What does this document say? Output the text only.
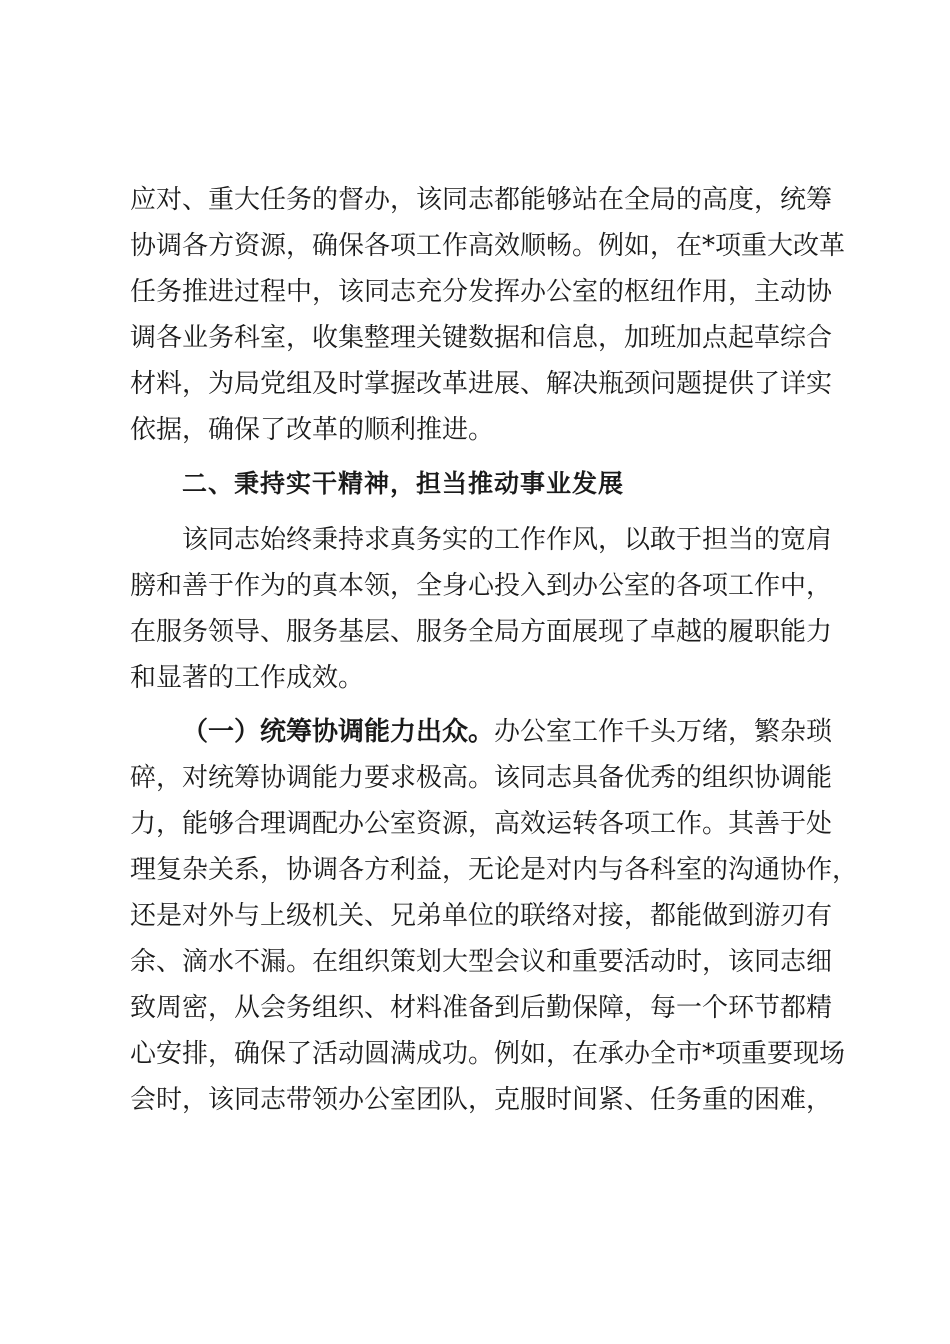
应对、重大任务的督办，该同志都能够站在全局的高度，统筹
协调各方资源，确保各项工作高效顺畅。例如，在*项重大改革
任务推进过程中，该同志充分发挥办公室的枢纽作用，主动协
调各业务科室，收集整理关键数据和信息，加班加点起草综合
材料，为局党组及时掌握改革进展、解决瓶颈问题提供了详实
依据，确保了改革的顺利推进。
二、秉持实干精神，担当推动事业发展
该同志始终秉持求真务实的工作作风，以敢于担当的宽肩
膀和善于作为的真本领，全身心投入到办公室的各项工作中，
在服务领导、服务基层、服务全局方面展现了卓越的履职能力
和显著的工作成效。
（一）统筹协调能力出众。办公室工作千头万绪，繁杂琐
碎，对统筹协调能力要求极高。该同志具备优秀的组织协调能
力，能够合理调配办公室资源，高效运转各项工作。其善于处
理复杂关系，协调各方利益，无论是对内与各科室的沟通协作，
还是对外与上级机关、兄弟单位的联络对接，都能做到游刃有
余、滴水不漏。在组织策划大型会议和重要活动时，该同志细
致周密，从会务组织、材料准备到后勤保障，每一个环节都精
心安排，确保了活动圆满成功。例如，在承办全市*项重要现场
会时，该同志带领办公室团队，克服时间紧、任务重的困难，
